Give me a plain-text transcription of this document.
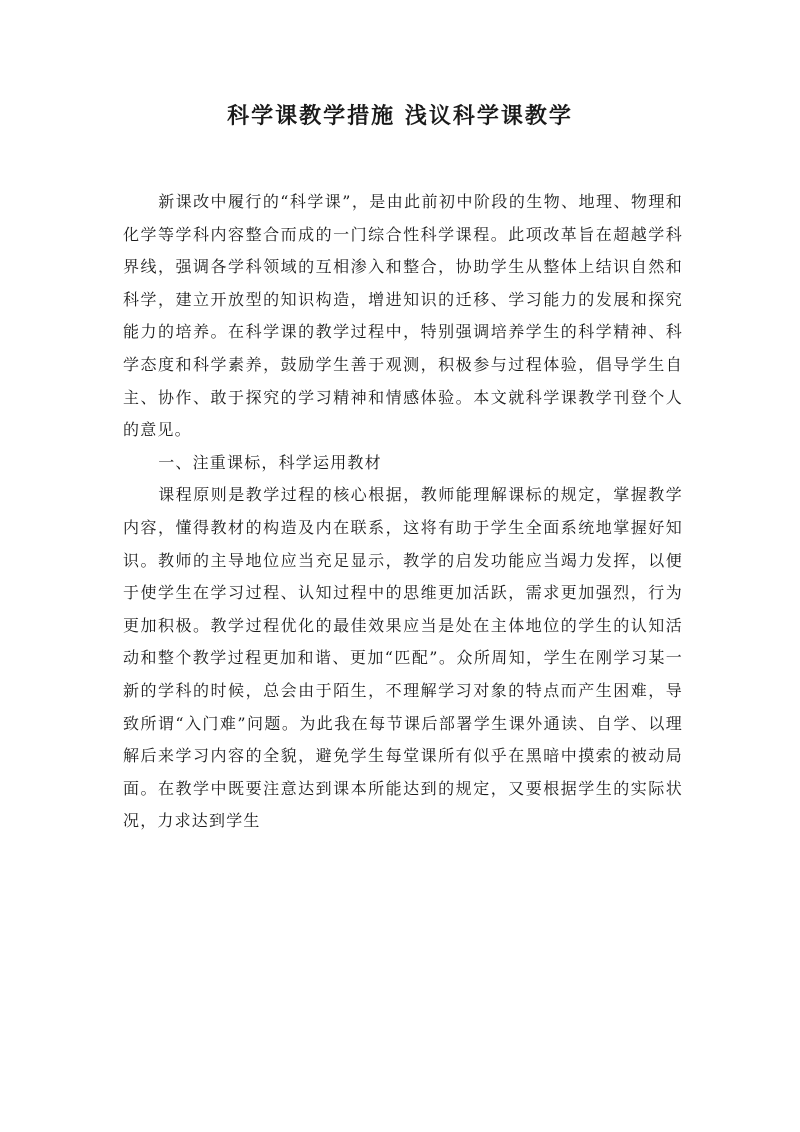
科学课教学措施 浅议科学课教学

新课改中履行的“科学课”，是由此前初中阶段的生物、地理、物理和化学等学科内容整合而成的一门综合性科学课程。此项改革旨在超越学科界线，强调各学科领域的互相渗入和整合，协助学生从整体上结识自然和科学，建立开放型的知识构造，增进知识的迁移、学习能力的发展和探究能力的培养。在科学课的教学过程中，特别强调培养学生的科学精神、科学态度和科学素养，鼓励学生善于观测，积极参与过程体验，倡导学生自主、协作、敢于探究的学习精神和情感体验。本文就科学课教学刊登个人的意见。

一、注重课标，科学运用教材

课程原则是教学过程的核心根据，教师能理解课标的规定，掌握教学内容，懂得教材的构造及内在联系，这将有助于学生全面系统地掌握好知识。教师的主导地位应当充足显示，教学的启发功能应当竭力发挥，以便于使学生在学习过程、认知过程中的思维更加活跃，需求更加强烈，行为更加积极。教学过程优化的最佳效果应当是处在主体地位的学生的认知活动和整个教学过程更加和谐、更加“匹配”。众所周知，学生在刚学习某一新的学科的时候，总会由于陌生，不理解学习对象的特点而产生困难，导致所谓“入门难”问题。为此我在每节课后部署学生课外通读、自学、以理解后来学习内容的全貌，避免学生每堂课所有似乎在黑暗中摸索的被动局面。在教学中既要注意达到课本所能达到的规定，又要根据学生的实际状况，力求达到学生
